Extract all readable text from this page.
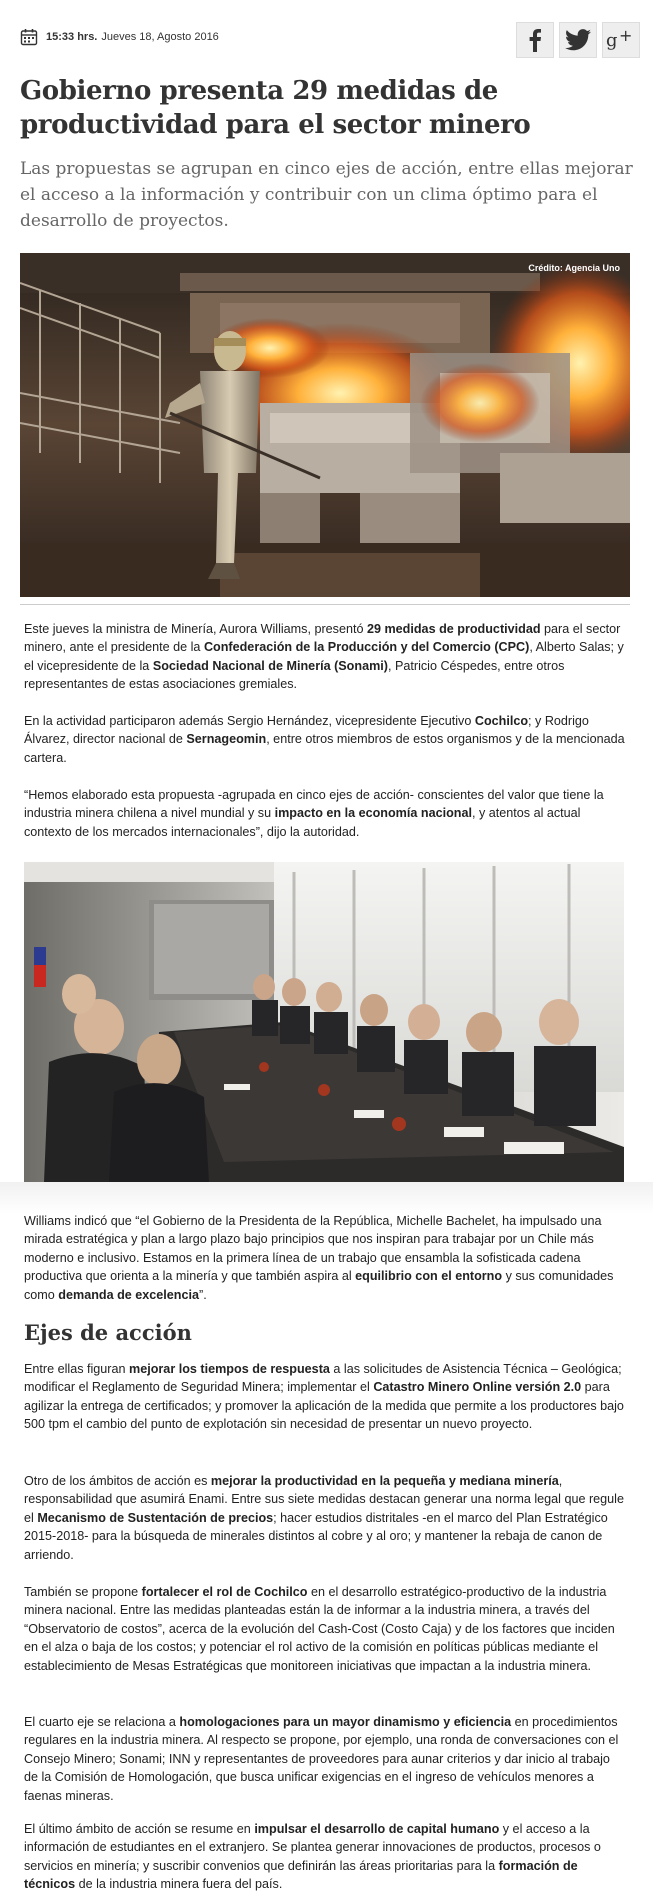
15:33 hrs. Jueves 18, Agosto 2016	g +
Gobierno presenta 29 medidas de productividad para el sector minero

Las propuestas se agrupan en cinco ejes de acción, entre ellas mejorar el acceso a la información y contribuir con un clima óptimo para el desarrollo de proyectos.

Crédito: Agencia Uno

Este jueves la ministra de Minería, Aurora Williams, presentó 29 medidas de productividad para el sector minero, ante el presidente de la Confederación de la Producción y del Comercio (CPC), Alberto Salas; y el vicepresidente de la Sociedad Nacional de Minería (Sonami), Patricio Céspedes, entre otros representantes de estas asociaciones gremiales.

En la actividad participaron además Sergio Hernández, vicepresidente Ejecutivo Cochilco; y Rodrigo Álvarez, director nacional de Sernageomin, entre otros miembros de estos organismos y de la mencionada cartera.

“Hemos elaborado esta propuesta -agrupada en cinco ejes de acción- conscientes del valor que tiene la industria minera chilena a nivel mundial y su impacto en la economía nacional, y atentos al actual contexto de los mercados internacionales”, dijo la autoridad.

Williams indicó que “el Gobierno de la Presidenta de la República, Michelle Bachelet, ha impulsado una mirada estratégica y plan a largo plazo bajo principios que nos inspiran para trabajar por un Chile más moderno e inclusivo. Estamos en la primera línea de un trabajo que ensambla la sofisticada cadena productiva que orienta a la minería y que también aspira al equilibrio con el entorno y sus comunidades como demanda de excelencia”.

Ejes de acción

Entre ellas figuran mejorar los tiempos de respuesta a las solicitudes de Asistencia Técnica – Geológica; modificar el Reglamento de Seguridad Minera; implementar el Catastro Minero Online versión 2.0 para agilizar la entrega de certificados; y promover la aplicación de la medida que permite a los productores bajo 500 tpm el cambio del punto de explotación sin necesidad de presentar un nuevo proyecto.

Otro de los ámbitos de acción es mejorar la productividad en la pequeña y mediana minería, responsabilidad que asumirá Enami. Entre sus siete medidas destacan generar una norma legal que regule el Mecanismo de Sustentación de precios; hacer estudios distritales -en el marco del Plan Estratégico 2015-2018- para la búsqueda de minerales distintos al cobre y al oro; y mantener la rebaja de canon de arriendo.

También se propone fortalecer el rol de Cochilco en el desarrollo estratégico-productivo de la industria minera nacional. Entre las medidas planteadas están la de informar a la industria minera, a través del “Observatorio de costos”, acerca de la evolución del Cash-Cost (Costo Caja) y de los factores que inciden en el alza o baja de los costos; y potenciar el rol activo de la comisión en políticas públicas mediante el establecimiento de Mesas Estratégicas que monitoreen iniciativas que impactan a la industria minera.

El cuarto eje se relaciona a homologaciones para un mayor dinamismo y eficiencia en procedimientos regulares en la industria minera. Al respecto se propone, por ejemplo, una ronda de conversaciones con el Consejo Minero; Sonami; INN y representantes de proveedores para aunar criterios y dar inicio al trabajo de la Comisión de Homologación, que busca unificar exigencias en el ingreso de vehículos menores a faenas mineras.

El último ámbito de acción se resume en impulsar el desarrollo de capital humano y el acceso a la información de estudiantes en el extranjero. Se plantea generar innovaciones de productos, procesos o servicios en minería; y suscribir convenios que definirán las áreas prioritarias para la formación de técnicos de la industria minera fuera del país.
